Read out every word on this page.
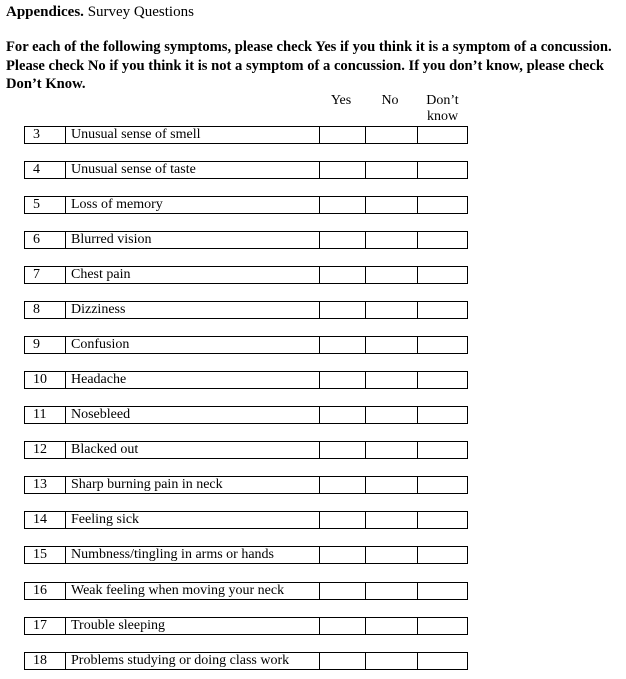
Appendices. Survey Questions
For each of the following symptoms, please check Yes if you think it is a symptom of a concussion. Please check No if you think it is not a symptom of a concussion. If you don’t know, please check Don’t Know.
Yes	No	Don’t
know
3	Unusual sense of smell
4	Unusual sense of taste
5	Loss of memory
6	Blurred vision
7	Chest pain
8	Dizziness
9	Confusion
10	Headache
11	Nosebleed
12	Blacked out
13	Sharp burning pain in neck
14	Feeling sick
15	Numbness/tingling in arms or hands
16	Weak feeling when moving your neck
17	Trouble sleeping
18	Problems studying or doing class work
